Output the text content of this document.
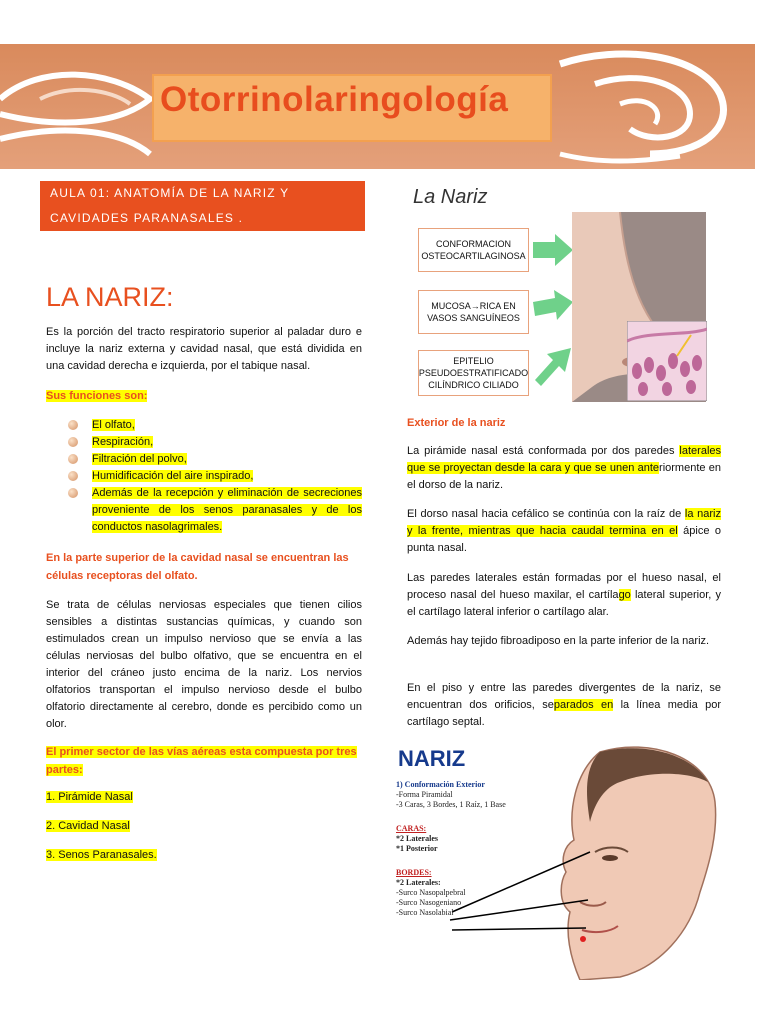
Otorrinolaringología
AULA 01: ANATOMÍA DE LA NARIZ Y
CAVIDADES PARANASALES .
LA NARIZ:
Es la porción del tracto respiratorio superior al paladar duro e incluye la nariz externa y cavidad nasal, que está dividida en una cavidad derecha e izquierda, por el tabique nasal.
Sus funciones son:
El olfato,
Respiración,
Filtración del polvo,
Humidificación del aire inspirado,
Además de la recepción y eliminación de secreciones proveniente de los senos paranasales y de los conductos nasolagrimales.
En la parte superior de la cavidad nasal se encuentran las células receptoras del olfato.
Se trata de células nerviosas especiales que tienen cilios sensibles a distintas sustancias químicas, y cuando son estimulados crean un impulso nervioso que se envía a las células nerviosas del bulbo olfativo, que se encuentra en el interior del cráneo justo encima de la nariz. Los nervios olfatorios transportan el impulso nervioso desde el bulbo olfatorio directamente al cerebro, donde es percibido como un olor.
El primer sector de las vías aéreas esta compuesta por tres partes:
1. Pirámide Nasal
2. Cavidad Nasal
3. Senos Paranasales.
La Nariz
CONFORMACION OSTEOCARTILAGINOSA
MUCOSA→RICA EN VASOS SANGUÍNEOS
EPITELIO PSEUDOESTRATIFICADO CILÍNDRICO CILIADO
Exterior de la nariz
La pirámide nasal está conformada por dos paredes laterales que se proyectan desde la cara y que se unen anteriormente en el dorso de la nariz.
El dorso nasal hacia cefálico se continúa con la raíz de la nariz y la frente, mientras que hacia caudal termina en el ápice o punta nasal.
Las paredes laterales están formadas por el hueso nasal, el proceso nasal del hueso maxilar, el cartílago lateral superior, y el cartílago lateral inferior o cartílago alar.
Además hay tejido fibroadiposo en la parte inferior de la nariz.
En el piso y entre las paredes divergentes de la nariz, se encuentran dos orificios, separados en la línea media por cartílago septal.
NARIZ
1) Conformación Exterior
-Forma Piramidal
-3 Caras, 3 Bordes, 1 Raíz, 1 Base
CARAS:
*2 Laterales
*1 Posterior
BORDES:
*2 Laterales:
-Surco Nasopalpebral
-Surco Nasogeniano
-Surco Nasolabial
